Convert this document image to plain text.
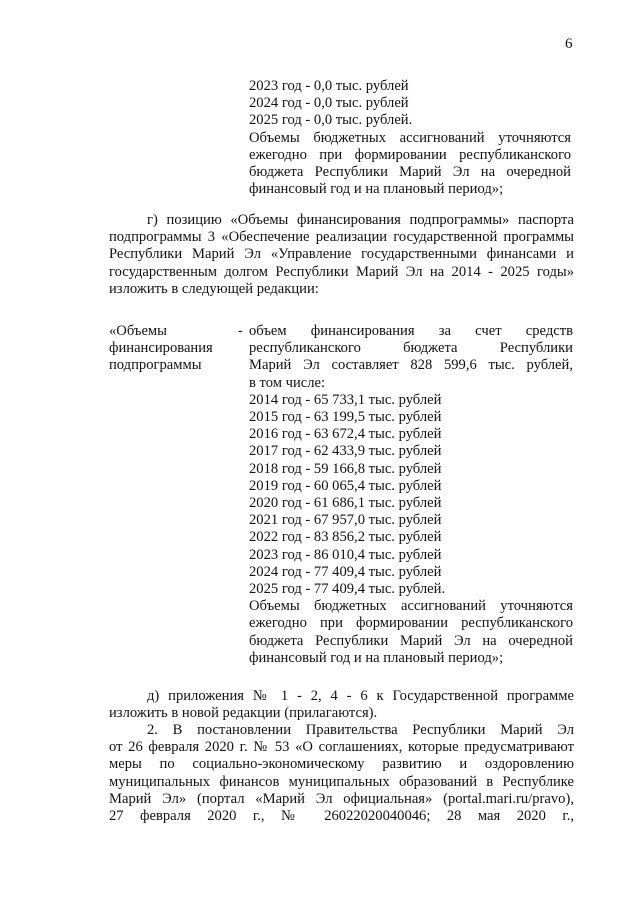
6
2023 год - 0,0 тыс. рублей
2024 год - 0,0 тыс. рублей
2025 год - 0,0 тыс. рублей.
Объемы бюджетных ассигнований уточняются
ежегодно при формировании республиканского
бюджета Республики Марий Эл на очередной
финансовый год и на плановый период»;
г) позицию «Объемы финансирования подпрограммы» паспорта
подпрограммы 3 «Обеспечение реализации государственной программы
Республики Марий Эл «Управление государственными финансами и
государственным долгом Республики Марий Эл на 2014 - 2025 годы»
изложить в следующей редакции:
«Объемы
финансирования
подпрограммы
- объем финансирования за счет средств
республиканского бюджета Республики
Марий Эл составляет 828 599,6 тыс. рублей,
в том числе:
2014 год - 65 733,1 тыс. рублей
2015 год - 63 199,5 тыс. рублей
2016 год - 63 672,4 тыс. рублей
2017 год - 62 433,9 тыс. рублей
2018 год - 59 166,8 тыс. рублей
2019 год - 60 065,4 тыс. рублей
2020 год - 61 686,1 тыс. рублей
2021 год - 67 957,0 тыс. рублей
2022 год - 83 856,2 тыс. рублей
2023 год - 86 010,4 тыс. рублей
2024 год - 77 409,4 тыс. рублей
2025 год - 77 409,4 тыс. рублей.
Объемы бюджетных ассигнований уточняются
ежегодно при формировании республиканского
бюджета Республики Марий Эл на очередной
финансовый год и на плановый период»;
д) приложения № 1 - 2, 4 - 6 к Государственной программе
изложить в новой редакции (прилагаются).
2. В постановлении Правительства Республики Марий Эл
от 26 февраля 2020 г. № 53 «О соглашениях, которые предусматривают
меры по социально-экономическому развитию и оздоровлению
муниципальных финансов муниципальных образований в Республике
Марий Эл» (портал «Марий Эл официальная» (portal.mari.ru/pravo),
27 февраля 2020 г., № 26022020040046; 28 мая 2020 г.,
